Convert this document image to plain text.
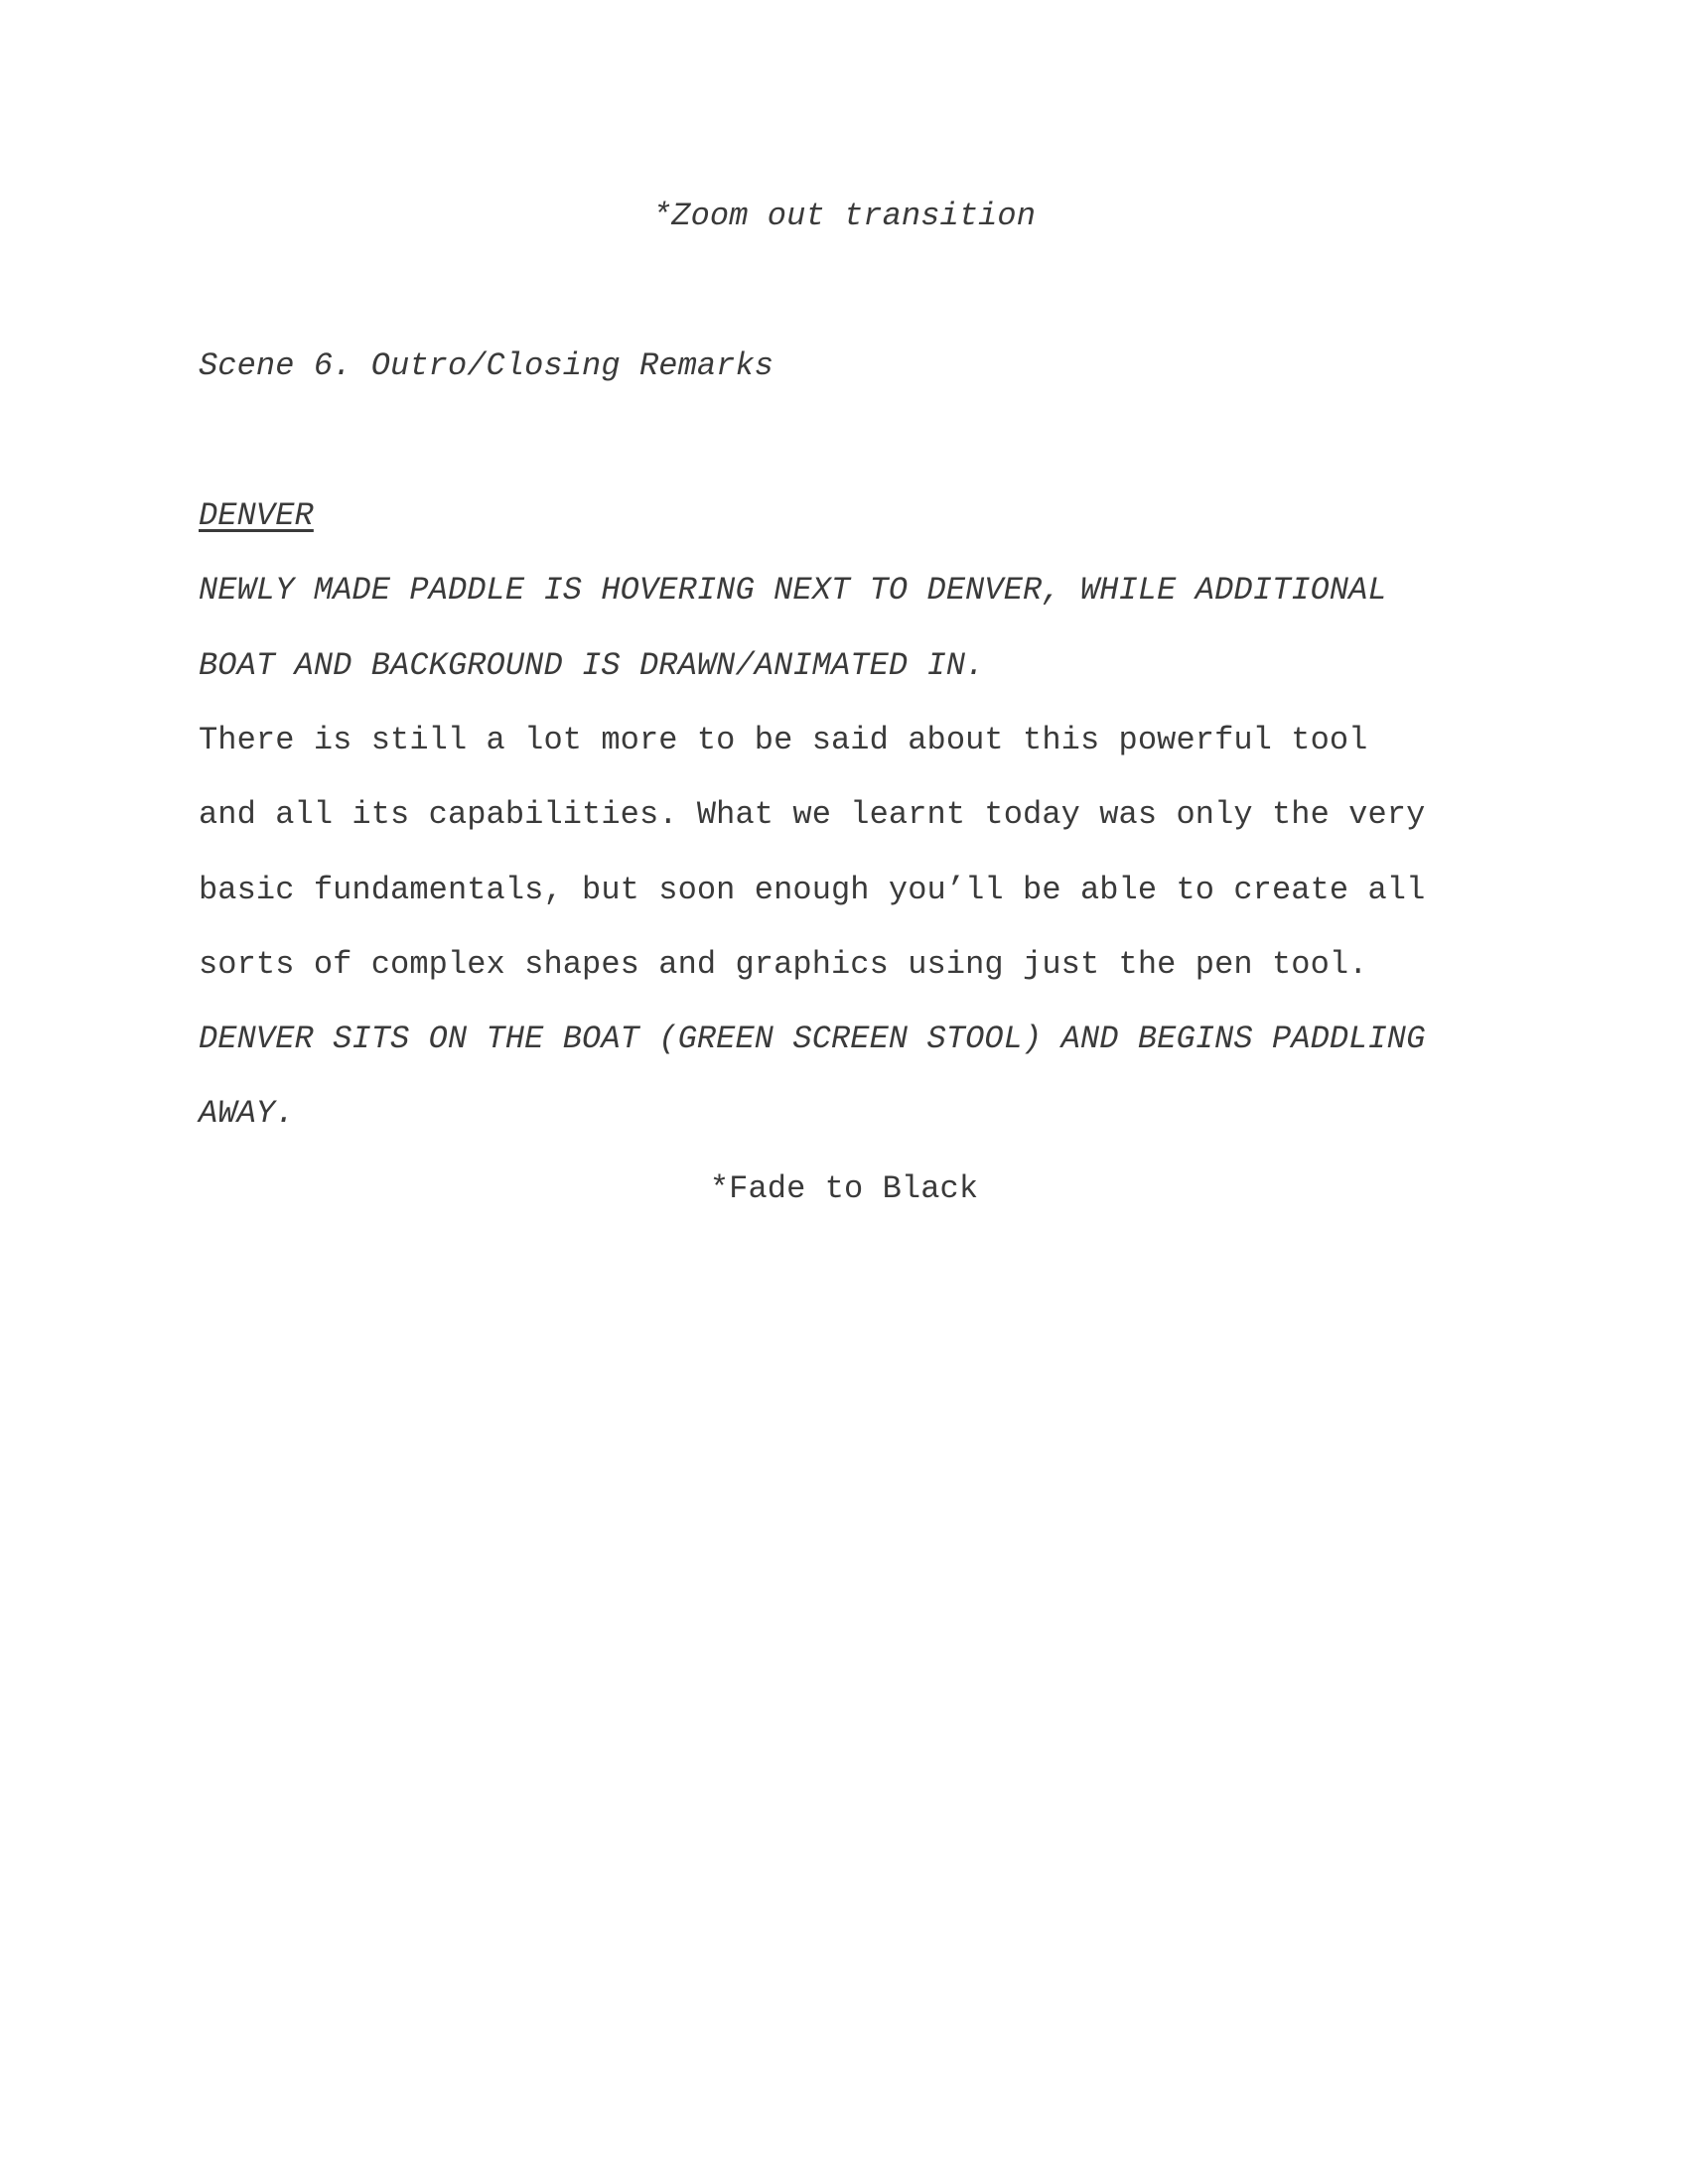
*Zoom out transition
Scene 6. Outro/Closing Remarks
DENVER
NEWLY MADE PADDLE IS HOVERING NEXT TO DENVER, WHILE ADDITIONAL
BOAT AND BACKGROUND IS DRAWN/ANIMATED IN.
There is still a lot more to be said about this powerful tool
and all its capabilities. What we learnt today was only the very
basic fundamentals, but soon enough you’ll be able to create all
sorts of complex shapes and graphics using just the pen tool.
DENVER SITS ON THE BOAT (GREEN SCREEN STOOL) AND BEGINS PADDLING
AWAY.
*Fade to Black
